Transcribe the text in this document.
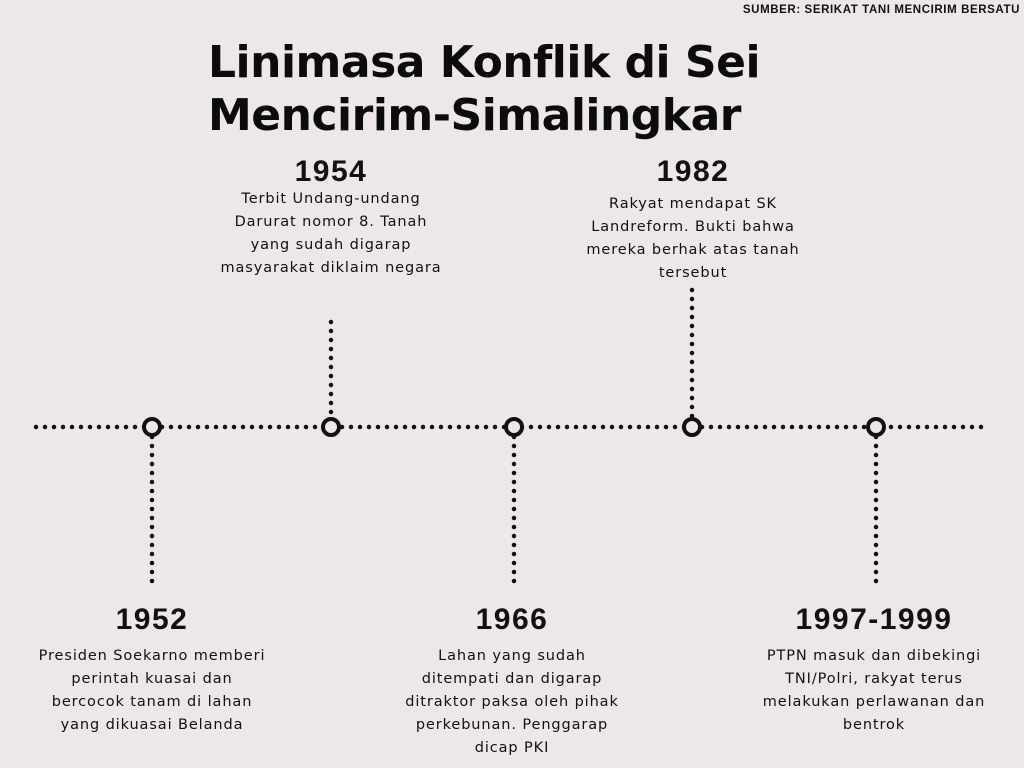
SUMBER: SERIKAT TANI MENCIRIM BERSATU
Linimasa Konflik di Sei
Mencirim-Simalingkar
1952
Presiden Soekarno memberi perintah kuasai dan bercocok tanam di lahan yang dikuasai Belanda
1954
Terbit Undang-undang Darurat nomor 8. Tanah yang sudah digarap masyarakat diklaim negara
1966
Lahan yang sudah ditempati dan digarap ditraktor paksa oleh pihak perkebunan. Penggarap dicap PKI
1982
Rakyat mendapat SK Landreform. Bukti bahwa mereka berhak atas tanah tersebut
1997-1999
PTPN masuk dan dibekingi TNI/Polri, rakyat terus melakukan perlawanan dan bentrok
